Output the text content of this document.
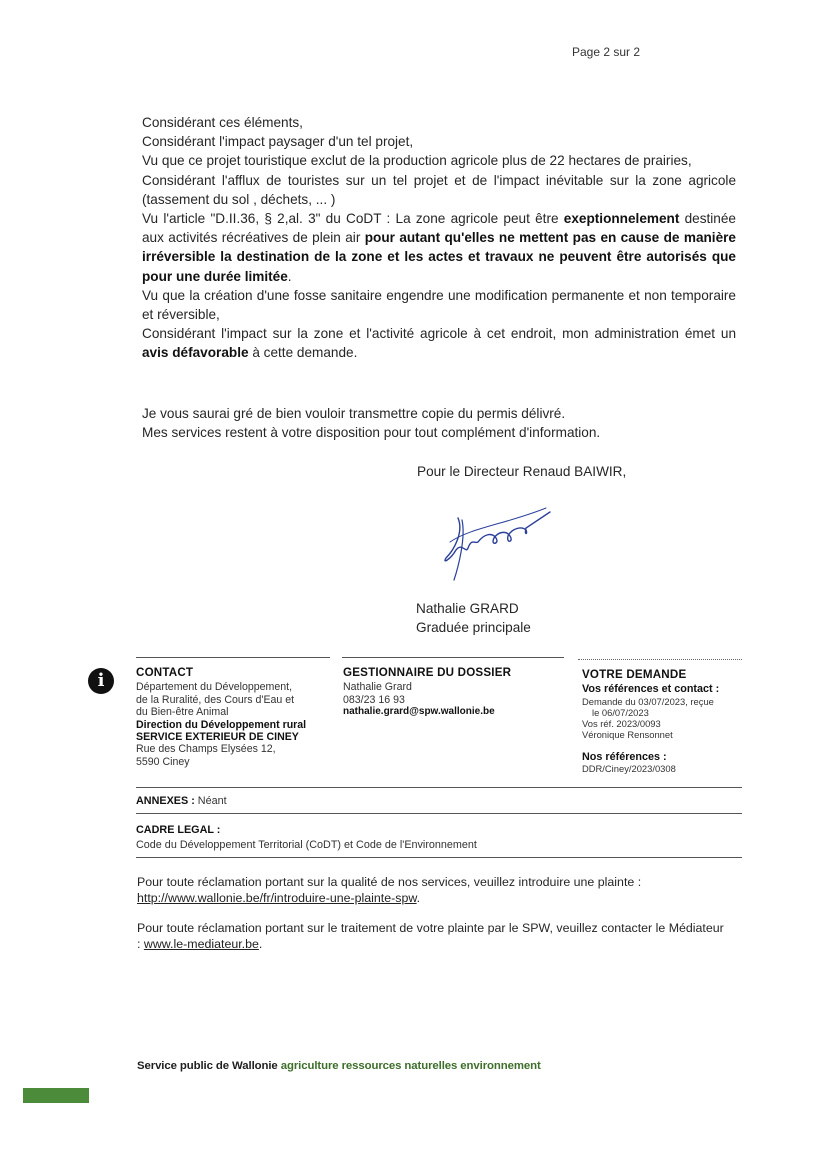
Page 2 sur 2

Considérant ces éléments,

Considérant l'impact paysager d'un tel projet,

Vu que ce projet touristique exclut de la production agricole plus de 22 hectares de prairies,

Considérant l'afflux de touristes sur un tel projet et de l'impact inévitable sur la zone agricole (tassement du sol , déchets, ... )

Vu l'article "D.II.36, § 2,al. 3" du CoDT : La zone agricole peut être exeptionnelement destinée aux activités récréatives de plein air pour autant qu'elles ne mettent pas en cause de manière irréversible la destination de la zone et les actes et travaux ne peuvent être autorisés que pour une durée limitée.

Vu que la création d'une fosse sanitaire engendre une modification permanente et non temporaire et réversible,

Considérant l'impact sur la zone et l'activité agricole à cet endroit, mon administration émet un avis défavorable à cette demande.

Je vous saurai gré de bien vouloir transmettre copie du permis délivré.

Mes services restent à votre disposition pour tout complément d'information.

Pour le Directeur Renaud BAIWIR,
Nathalie GRARD
Graduée principale
i	CONTACT
Département du Développement,
de la Ruralité, des Cours d'Eau et
du Bien-être Animal
Direction du Développement rural
SERVICE EXTERIEUR DE CINEY
Rue des Champs Elysées 12,
5590 Ciney
GESTIONNAIRE DU DOSSIER
Nathalie Grard
083/23 16 93
nathalie.grard@spw.wallonie.be
VOTRE DEMANDE
Vos références et contact :
Demande du 03/07/2023, reçue
le 06/07/2023
Vos réf. 2023/0093
Véronique Rensonnet
Nos références :
DDR/Ciney/2023/0308
ANNEXES : Néant
CADRE LEGAL :
Code du Développement Territorial (CoDT) et Code de l'Environnement

Pour toute réclamation portant sur la qualité de nos services, veuillez introduire une plainte :
http://www.wallonie.be/fr/introduire-une-plainte-spw.

Pour toute réclamation portant sur le traitement de votre plainte par le SPW, veuillez contacter le Médiateur : www.le-mediateur.be.

Service public de Wallonie agriculture ressources naturelles environnement
